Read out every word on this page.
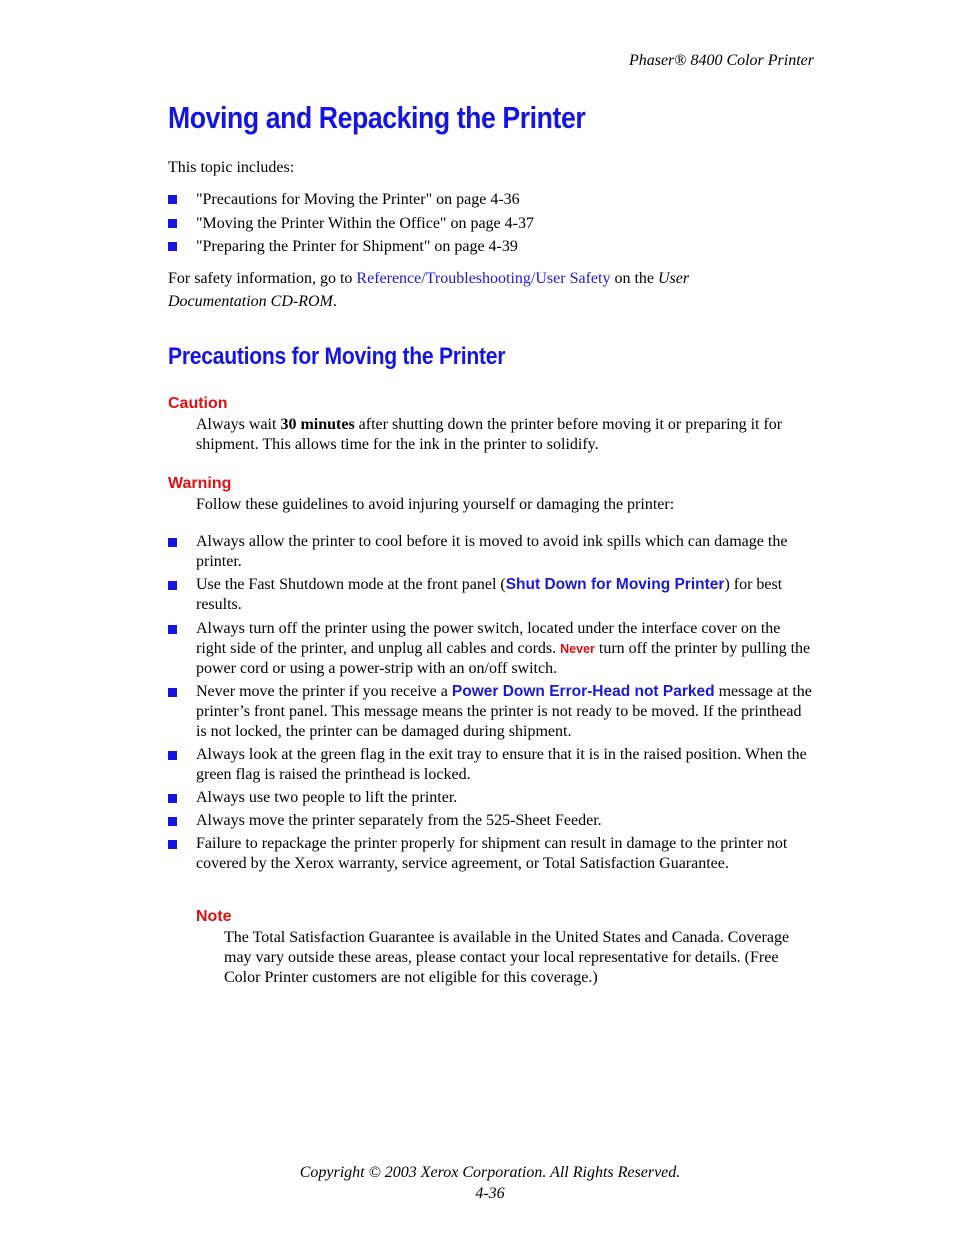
Phaser® 8400 Color Printer
Moving and Repacking the Printer
This topic includes:
"Precautions for Moving the Printer" on page 4-36
"Moving the Printer Within the Office" on page 4-37
"Preparing the Printer for Shipment" on page 4-39
For safety information, go to Reference/Troubleshooting/User Safety on the User Documentation CD-ROM.
Precautions for Moving the Printer
Caution
Always wait 30 minutes after shutting down the printer before moving it or preparing it for shipment. This allows time for the ink in the printer to solidify.
Warning
Follow these guidelines to avoid injuring yourself or damaging the printer:
Always allow the printer to cool before it is moved to avoid ink spills which can damage the printer.
Use the Fast Shutdown mode at the front panel (Shut Down for Moving Printer) for best results.
Always turn off the printer using the power switch, located under the interface cover on the right side of the printer, and unplug all cables and cords. Never turn off the printer by pulling the power cord or using a power-strip with an on/off switch.
Never move the printer if you receive a Power Down Error-Head not Parked message at the printer’s front panel. This message means the printer is not ready to be moved. If the printhead is not locked, the printer can be damaged during shipment.
Always look at the green flag in the exit tray to ensure that it is in the raised position. When the green flag is raised the printhead is locked.
Always use two people to lift the printer.
Always move the printer separately from the 525-Sheet Feeder.
Failure to repackage the printer properly for shipment can result in damage to the printer not covered by the Xerox warranty, service agreement, or Total Satisfaction Guarantee.
Note
The Total Satisfaction Guarantee is available in the United States and Canada. Coverage may vary outside these areas, please contact your local representative for details. (Free Color Printer customers are not eligible for this coverage.)
Copyright © 2003 Xerox Corporation. All Rights Reserved.
4-36
